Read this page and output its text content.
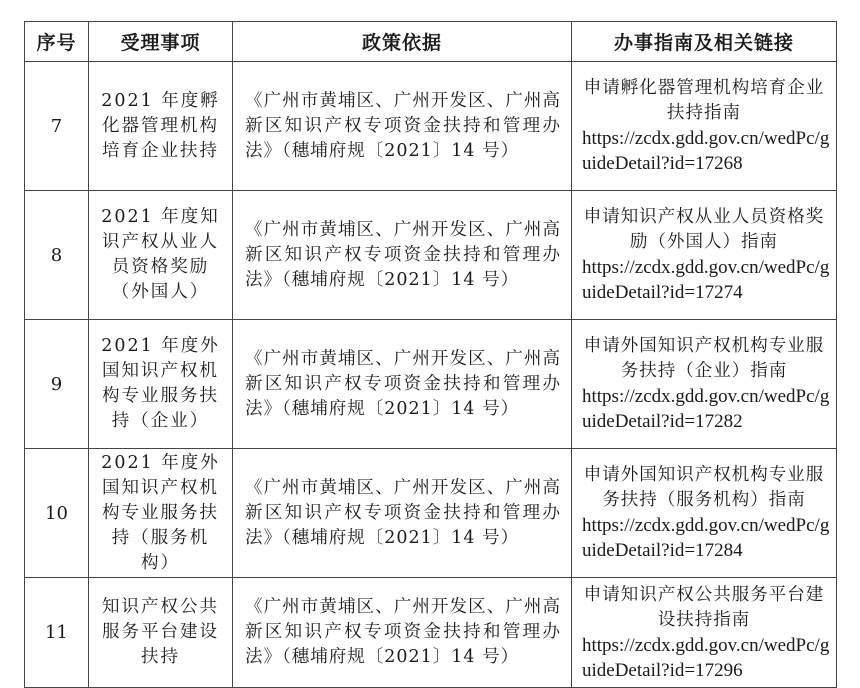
序号	受理事项	政策依据	办事指南及相关链接
7	2021 年度孵化器管理机构培育企业扶持	《广州市黄埔区、广州开发区、广州高新区知识产权专项资金扶持和管理办法》（穗埔府规〔2021〕14 号）	申请孵化器管理机构培育企业扶持指南
https://zcdx.gdd.gov.cn/wedPc/guideDetail?id=17268

8	2021 年度知识产权从业人员资格奖励（外国人）	《广州市黄埔区、广州开发区、广州高新区知识产权专项资金扶持和管理办法》（穗埔府规〔2021〕14 号）	申请知识产权从业人员资格奖励（外国人）指南
https://zcdx.gdd.gov.cn/wedPc/guideDetail?id=17274

9	2021 年度外国知识产权机构专业服务扶持（企业）	《广州市黄埔区、广州开发区、广州高新区知识产权专项资金扶持和管理办法》（穗埔府规〔2021〕14 号）	申请外国知识产权机构专业服务扶持（企业）指南
https://zcdx.gdd.gov.cn/wedPc/guideDetail?id=17282

10	2021 年度外国知识产权机构专业服务扶持（服务机构）	《广州市黄埔区、广州开发区、广州高新区知识产权专项资金扶持和管理办法》（穗埔府规〔2021〕14 号）	申请外国知识产权机构专业服务扶持（服务机构）指南
https://zcdx.gdd.gov.cn/wedPc/guideDetail?id=17284

11	知识产权公共服务平台建设扶持	《广州市黄埔区、广州开发区、广州高新区知识产权专项资金扶持和管理办法》（穗埔府规〔2021〕14 号）	申请知识产权公共服务平台建设扶持指南
https://zcdx.gdd.gov.cn/wedPc/guideDetail?id=17296
